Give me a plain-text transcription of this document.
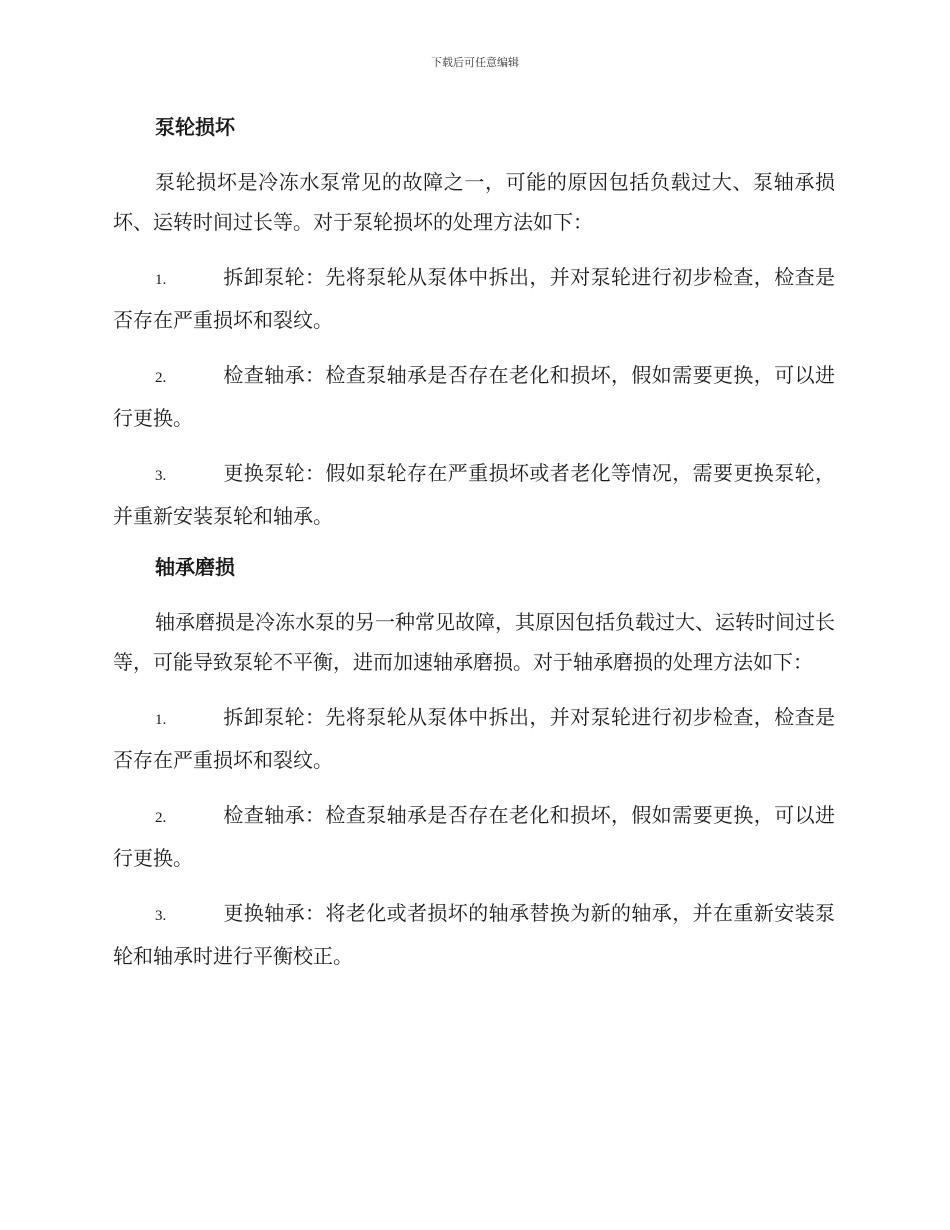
下载后可任意编辑
泵轮损坏

泵轮损坏是冷冻水泵常见的故障之一，可能的原因包括负载过大、泵轴承损坏、运转时间过长等。对于泵轮损坏的处理方法如下：

1.	拆卸泵轮：先将泵轮从泵体中拆出，并对泵轮进行初步检查，检查是否存在严重损坏和裂纹。
2.	检查轴承：检查泵轴承是否存在老化和损坏，假如需要更换，可以进行更换。
3.	更换泵轮：假如泵轮存在严重损坏或者老化等情况，需要更换泵轮，并重新安装泵轮和轴承。
轴承磨损

轴承磨损是冷冻水泵的另一种常见故障，其原因包括负载过大、运转时间过长等，可能导致泵轮不平衡，进而加速轴承磨损。对于轴承磨损的处理方法如下：

1.	拆卸泵轮：先将泵轮从泵体中拆出，并对泵轮进行初步检查，检查是否存在严重损坏和裂纹。
2.	检查轴承：检查泵轴承是否存在老化和损坏，假如需要更换，可以进行更换。
3.	更换轴承：将老化或者损坏的轴承替换为新的轴承，并在重新安装泵轮和轴承时进行平衡校正。
